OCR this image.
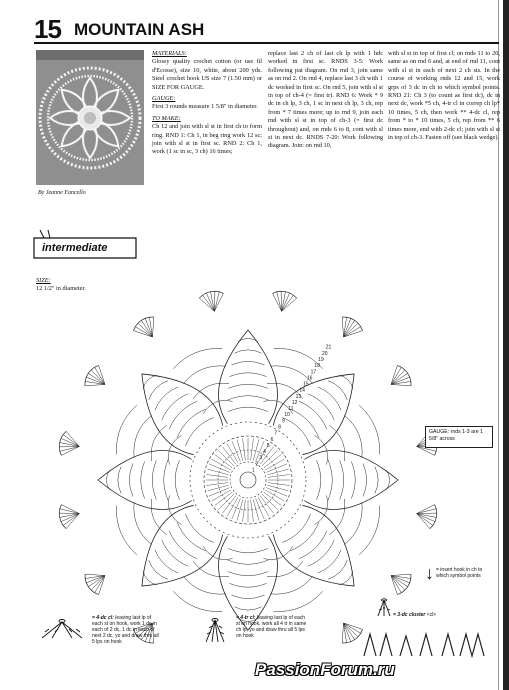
15 MOUNTAIN ASH
By Jeanne Fancello

MATERIALS:
Glossy quality crochet cotton (or use fil d'Ecosse), size 10, white, about 200 yds. Steel crochet hook US size 7 (1.50 mm) or SIZE FOR GAUGE.

GAUGE:
First 3 rounds measure 1 5/8" in diameter.

TO MAKE:
Ch 12 and join with sl st in first ch to form ring. RND 1: Ch 1, in beg ring work 12 sc; join with sl st in first sc. RND 2: Ch 1, work (1 sc in sc, 3 ch) 16 times;

replace last 2 ch of last ch lp with 1 hdc worked in first sc. RNDS 3-5: Work following pat diagram. On rnd 3, join same as on rnd 2. On rnd 4, replace last 3 ch with 1 dc worked in first sc. On rnd 5, join with sl st in top of ch-4 (= first tr). RND 6: Work * 9 dc in ch lp, 3 ch, 1 sc in next ch lp, 3 ch, rep from * 7 times more; up to rnd 9, join each rnd with sl st in top of ch-3 (= first dc throughout) and, on rnds 6 to 8, cont with sl st in next dc. RNDS 7-20: Work following diagram. Join: on rnd 10,
with sl st in top of first cl; on rnds 11 to 20, same as on rnd 6 and, at end of rnd 11, cont with sl st in each of next 2 ch sts. In the course of working rnds 12 and 15, work grps of 3 dc in ch to which symbol points. RND 21: Ch 3 (to count as first dc), dc in next dc, work *5 ch, 4-tr cl in correp ch lp* 10 times, 5 ch, then work ** 4-dc cl, rep from * to * 10 times, 5 ch, rep from ** 6 times more, end with 2-dc cl; join with sl st in top of ch-3. Fasten off (see black wedge).
1
2
3
4
5
6
7
8
9
10
11
12
13
14
15
16
17
18
19
20
21
intermediate
SIZE:
12 1/2" in diameter.
GAUGE: rnds 1-3 are 1 5/8" across
↓ = insert hook in ch to which symbol points
= 4-dc cl: leaving last lp of each st on hook, work 1 dc in each of 2 dc, 1 dc in each of next 2 dc, yo and draw thru all 5 lps on hook
= 4-tr cl: leaving last lp of each st on hook, work all 4 tr in same ch lp, yo and draw thru all 5 lps on hook
= 3-dc cluster <cl>
PassionForum.ru
